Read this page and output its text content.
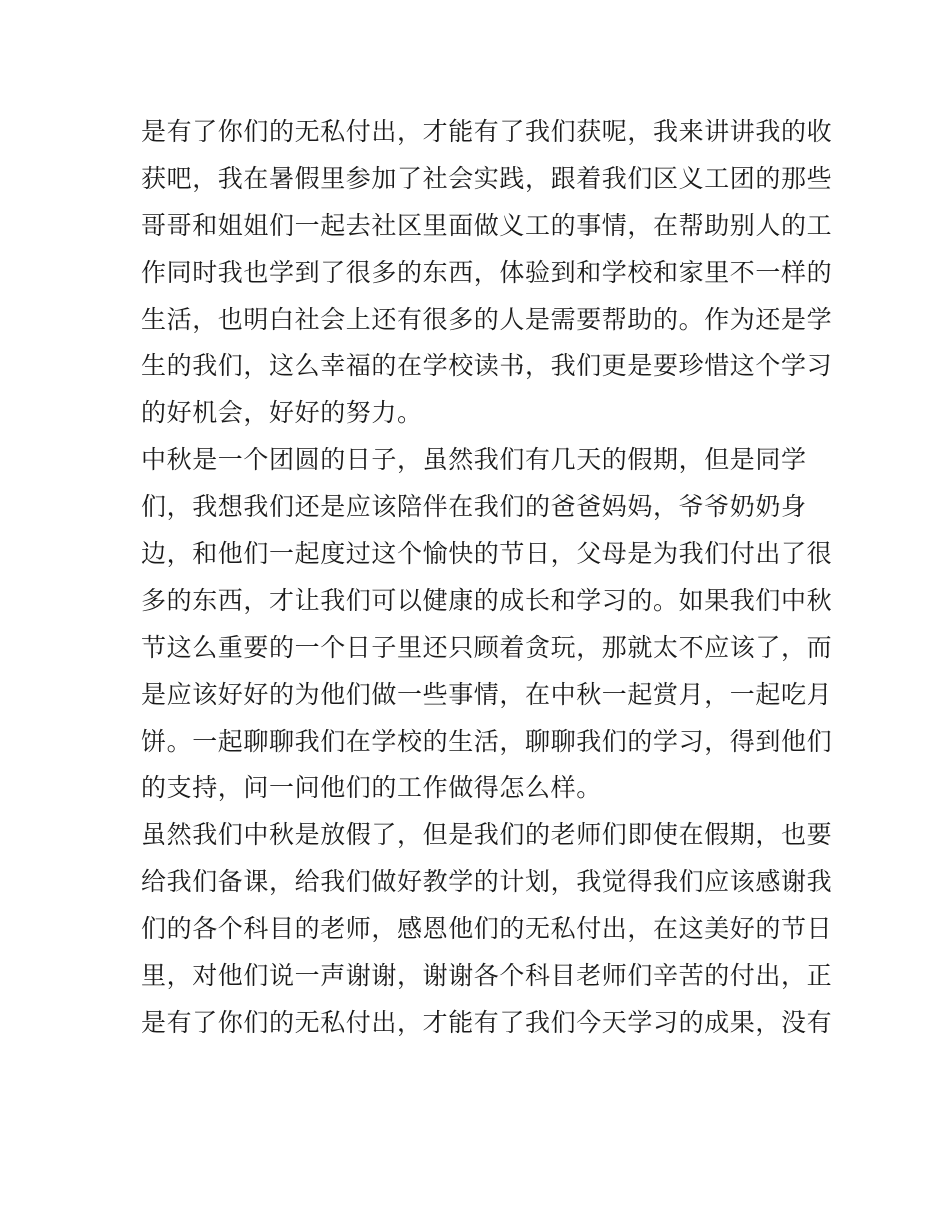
是有了你们的无私付出，才能有了我们获呢，我来讲讲我的收
获吧，我在暑假里参加了社会实践，跟着我们区义工团的那些
哥哥和姐姐们一起去社区里面做义工的事情，在帮助别人的工
作同时我也学到了很多的东西，体验到和学校和家里不一样的
生活，也明白社会上还有很多的人是需要帮助的。作为还是学
生的我们，这么幸福的在学校读书，我们更是要珍惜这个学习
的好机会，好好的努力。
中秋是一个团圆的日子，虽然我们有几天的假期，但是同学
们，我想我们还是应该陪伴在我们的爸爸妈妈，爷爷奶奶身
边，和他们一起度过这个愉快的节日，父母是为我们付出了很
多的东西，才让我们可以健康的成长和学习的。如果我们中秋
节这么重要的一个日子里还只顾着贪玩，那就太不应该了，而
是应该好好的为他们做一些事情，在中秋一起赏月，一起吃月
饼。一起聊聊我们在学校的生活，聊聊我们的学习，得到他们
的支持，问一问他们的工作做得怎么样。
虽然我们中秋是放假了，但是我们的老师们即使在假期，也要
给我们备课，给我们做好教学的计划，我觉得我们应该感谢我
们的各个科目的老师，感恩他们的无私付出，在这美好的节日
里，对他们说一声谢谢，谢谢各个科目老师们辛苦的付出，正
是有了你们的无私付出，才能有了我们今天学习的成果，没有
